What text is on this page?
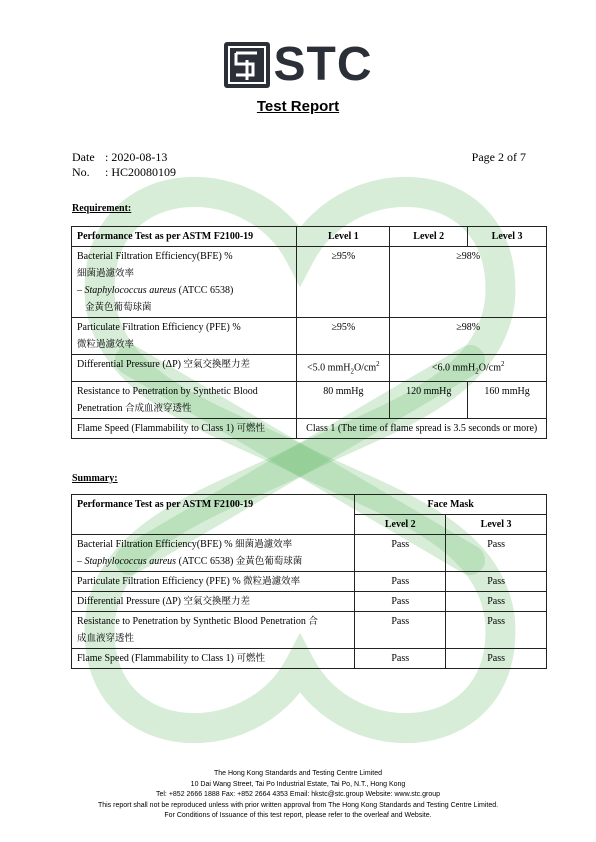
STC
Test Report
Date : 2020-08-13
No. : HC20080109
Page 2 of 7
Requirement:
Performance Test as per ASTM F2100-19	Level 1	Level 2	Level 3

Bacterial Filtration Efficiency(BFE) %
細菌過濾效率
– Staphylococcus aureus (ATCC 6538)
金黃色葡萄球菌	≥95%	≥98%	

Particulate Filtration Efficiency (PFE) %
微粒過濾效率	≥95%	≥98%	
Differential Pressure (ΔP) 空氣交換壓力差	<5.0 $mmH_2O/cm^2$	<6.0 $mmH_2O/cm^2$

Resistance to Penetration by Synthetic Blood
Penetration 合成血液穿透性	80 mmHg	120 mmHg	160 mmHg
Flame Speed (Flammability to Class 1) 可燃性	Class 1 (The time of flame spread is 3.5 seconds or more)		
Summary:
Performance Test as per ASTM F2100-19	Face Mask	
	Level 2	Level 3

Bacterial Filtration Efficiency(BFE) % 細菌過濾效率
– Staphylococcus aureus (ATCC 6538) 金黃色葡萄球菌	Pass	Pass
Particulate Filtration Efficiency (PFE) % 微粒過濾效率	Pass	Pass
Differential Pressure (ΔP) 空氣交換壓力差	Pass	Pass

Resistance to Penetration by Synthetic Blood Penetration 合
成血液穿透性	Pass	Pass
Flame Speed (Flammability to Class 1) 可燃性	Pass	Pass
The Hong Kong Standards and Testing Centre Limited
10 Dai Wang Street, Tai Po Industrial Estate, Tai Po, N.T., Hong Kong
Tel: +852 2666 1888 Fax: +852 2664 4353 Email: hkstc@stc.group Website: www.stc.group
This report shall not be reproduced unless with prior written approval from The Hong Kong Standards and Testing Centre Limited.
For Conditions of Issuance of this test report, please refer to the overleaf and Website.
